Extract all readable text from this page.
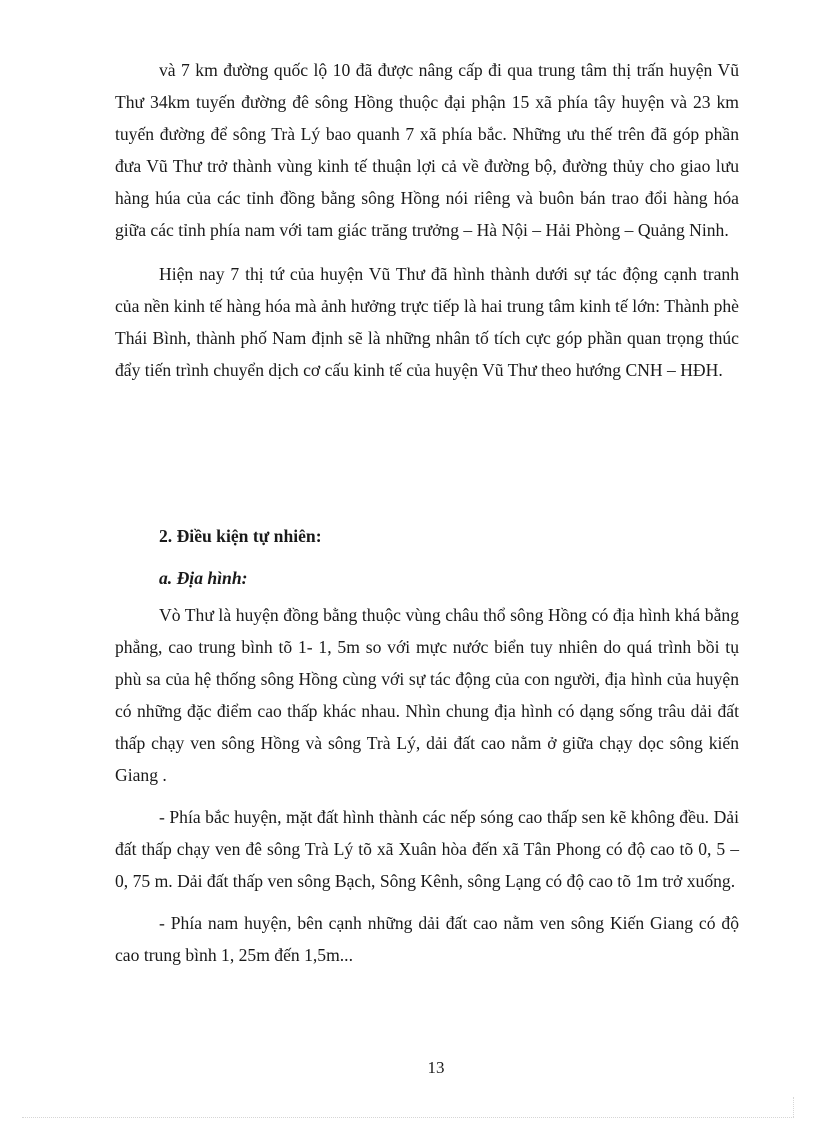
và 7 km đường quốc lộ 10 đã được nâng cấp đi qua trung tâm thị trấn huyện Vũ Thư 34km tuyến đường đê sông Hồng thuộc đại phận 15 xã phía tây huyện và 23 km tuyến đường để sông Trà Lý bao quanh 7 xã phía bắc. Những ưu thế trên đã góp phần đưa Vũ Thư trở thành vùng kinh tế thuận lợi cả về đường bộ, đường thủy cho giao lưu hàng húa của các tỉnh đồng bằng sông Hồng nói riêng và buôn bán trao đổi hàng hóa giữa các tỉnh phía nam với tam giác trăng trưởng – Hà Nội – Hải Phòng – Quảng Ninh.

Hiện nay 7 thị tứ của huyện Vũ Thư đã hình thành dưới sự tác động cạnh tranh của nền kinh tế hàng hóa mà ảnh hưởng trực tiếp là hai trung tâm kinh tế lớn: Thành phè Thái Bình, thành phố Nam định sẽ là những nhân tố tích cực góp phần quan trọng thúc đẩy tiến trình chuyển dịch cơ cấu kinh tế của huyện Vũ Thư theo hướng CNH – HĐH.

2. Điều kiện tự nhiên:

a. Địa hình:

Vò Thư là huyện đồng bằng thuộc vùng châu thổ sông Hồng có địa hình khá bằng phẳng, cao trung bình tõ 1- 1, 5m so với mực nước biển tuy nhiên do quá trình bồi tụ phù sa của hệ thống sông Hồng cùng với sự tác động của con người, địa hình của huyện có những đặc điểm cao thấp khác nhau. Nhìn chung địa hình có dạng sống trâu dải đất thấp chạy ven sông Hồng và sông Trà Lý, dải đất cao nằm ở giữa chạy dọc sông kiến Giang .

- Phía bắc huyện, mặt đất hình thành các nếp sóng cao thấp sen kẽ không đều. Dải đất thấp chạy ven đê sông Trà Lý tõ xã Xuân hòa đến xã Tân Phong có độ cao tõ 0, 5 – 0, 75 m. Dải đất thấp ven sông Bạch, Sông Kênh, sông Lạng có độ cao tõ 1m trở xuống.

- Phía nam huyện, bên cạnh những dải đất cao nằm ven sông Kiến Giang có độ cao trung bình 1, 25m đến 1,5m...

13
